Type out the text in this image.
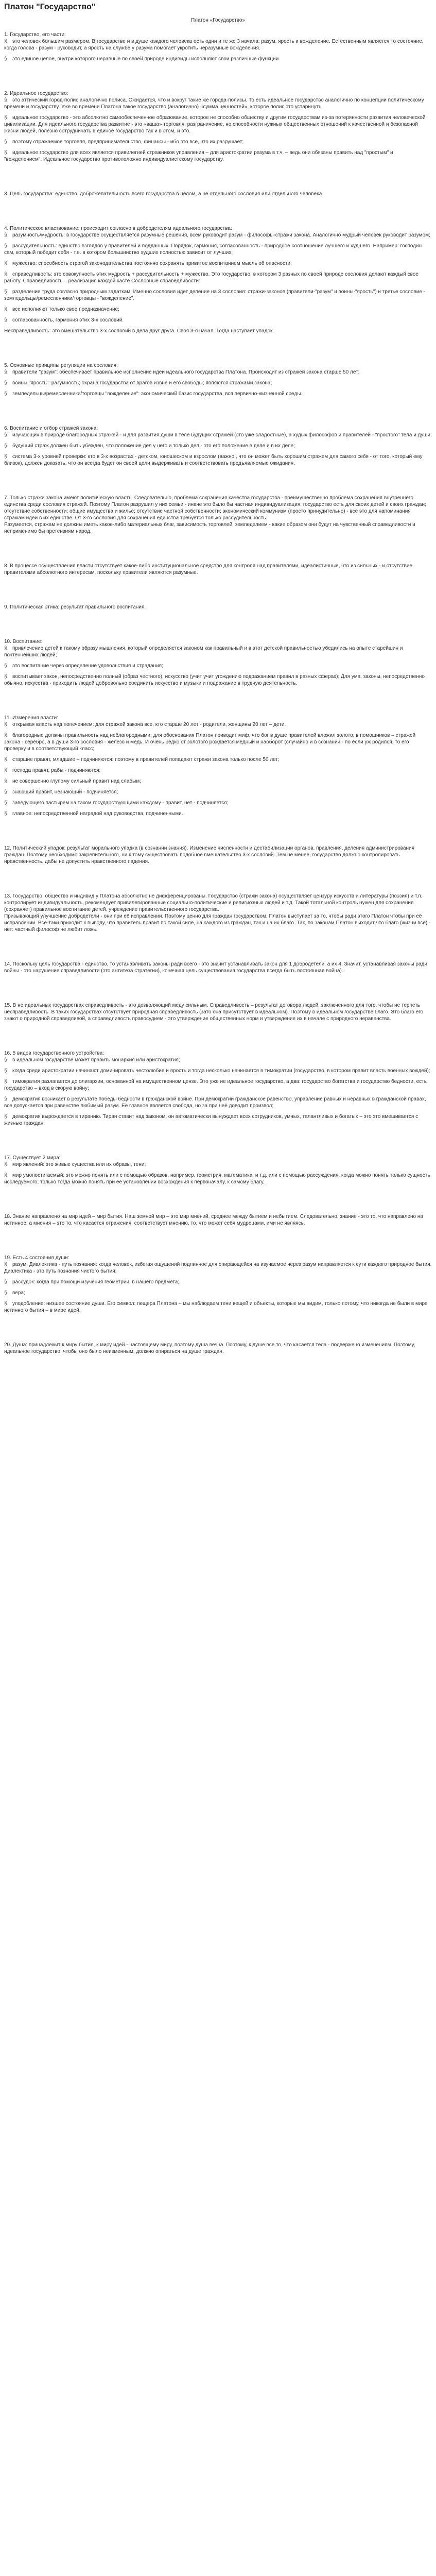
Платон "Государство"
Платон «Государство»
1. Государство, его части:

§ это человек большим размером. В государстве и в душе каждого человека есть одни и те же 3 начала: разум, ярость и вожделение. Естественным является то состояние, когда голова - разум - руководит, а ярость на службе у разума помогает укротить неразумные вожделения.

§ это единое целое, внутри которого неравные по своей природе индивиды исполняют свои различные функции.

2. Идеальное государство:

§ это аттический город-полис аналогично полиса. Ожидается, что и вокруг такие же города-полисы. То есть идеальное государство аналогично по концепции политическому времени и государству. Уже во времени Платона такое государство (аналогично) «сумма ценностей», которое полис это устаринуть.

§ идеальное государство - это абсолютно самообеспеченное образование, которое не способно обществу и другим государствам из-за потерянности развития человеческой цивилизации. Для идеального государства развитие - это «ваша» торговля, разграничение, но способности нужных общественных отношений к качественной и безопасной жизни людей, полезно сотрудничать в единое государство так и в этом, и это.

§ поэтому отражаемое торговля, предпринимательство, финансы - ибо это все, что их разрушает;

§ идеальное государство для всех является привилегией стражников управления – для аристократии разума в т.ч. – ведь они обязаны править над "простым" и "вожделением". Идеальное государство противоположно индивидуалистскому государству.

3. Цель государства: единство, доброжелательность всего государства в целом, а не отдельного сословия или отдельного человека.
4. Политическое властвование: происходит согласно в добродетелям идеального государства:

§ разумность/мудрость: в государстве осуществляется разумные решения, всем руководит разум - философы-стражи закона. Аналогично мудрый человек руководит разумом;

§ рассудительность: единство взглядов у правителей и подданных. Порядок, гармония, согласованность - природное соотношение лучшего и худшего. Например: господин сам, который победит себя - т.е. в котором большинство худших полностью зависит от лучших;

§ мужество: способность строгой законодательства постоянно сохранять привитое воспитанием мысль об опасности;

§ справедливость: это совокупность этих мудрость + рассудительность + мужество. Это государство, в котором 3 разных по своей природе сословия делают каждый свое работу. Справедливость – реализация каждой касте Сословные справедливости:

§ разделение труда согласно природным задаткам. Именно сословия идет деление на 3 сословия: стражи-законов (правители-"разум" и воины-"ярость") и третье сословие - земледельцы/ремесленники/торговцы - "вожделение".

§ все исполняют только свое предназначение;

§ согласованность, гармония этих 3-х сословий.

Несправедливость: это вмешательство 3-х сословий в дела друг друга. Своя 3-я начал. Тогда наступает упадок

5. Основные принципы регуляции на сословия:

§ правители "разум": обеспечивает правильное исполнение идеи идеального государства Платона. Происходит из стражей закона старше 50 лет;

§ воины "ярость": разумность; охрана государства от врагов извне и его свободы; являются стражами закона;

§ земледельцы/ремесленники/торговцы "вожделение": экономический базис государства, вся первично-жизненной среды.

6. Воспитание и отбор стражей закона:

§ изучающих в природе благородных стражей - и для развития души в теле будущих стражей (это уже сладостные), а худых философов и правителей - "простого" тела и души;

§ будущий страж должен быть убежден, что положение дел у него и только дел - это его положение в деле и в их деле;

§ система 3-х уровней проверки: кто в 3-х возрастах - детском, юношеском и взрослом (важно!, что он может быть хорошим стражем для самого себя - от того, который ему близок), должен доказать, что он всегда будет он своей цели выдерживать и соответствовать предъявляемые ожидания.

7. Только стражи закона имеют политическую власть. Следовательно, проблема сохранения качества государства - преимущественно проблема сохранения внутреннего единства среди сословия стражей. Поэтому Платон разрушил у них семьи - иначе это было бы частная индивидуализация; государство есть для своих детей и своих граждан; отсутствие собственности; общие имущества и жилье; отсутствие частной собственности; экономический коммунизм (просто принудительно) - все это для напоминания стражам идеи в их единстве. От 3-го сословия для сохранения единства требуется только рассудительность.

Разумеется, стражам не должны иметь какое-либо материальных благ, зависимость торговлей, земледелием - какие образом они будут на чувственный справедливости и неприменимо бы претензиям народ.

8. В процессе осуществления власти отсутствует какое-либо институциональное средство для контроля над правителями, идеалистичные, что из сильных - и отсутствие правителями абсолютного интересам, поскольку правители являются разумные.
9. Политическая этика: результат правильного воспитания.
10. Воспитание:

§ привлечение детей к такому образу мышления, который определяется законом как правильный и в этот детской правильностью убедились на опыте старейшин и почтеннейших людей;

§ это воспитание через определение удовольствия и страдания;

§ воспитывает закон, непосредственно полный (образ честного), искусство (учит учит угождению подражанием правил в разных сферах); Для ума, законы, непосредственно обычно, искусства - приходить людей добровольно соединить искусство и музыки и подражание в трудную деятельность.

11. Измерения власти:

§ открывая власть над попечением: для стражей закона все, кто старше 20 лет - родители, женщины 20 лет – дети.

§ благородные должны правильность над неблагородными: для обоснования Платон приводит миф, что бог в душе правителей вложил золото, в помощников – стражей закона - серебро, а в души 3-го сословия - железо и медь. И очень редко от золотого рождается медный и наоборот (случайно и в сознании - по если уж родился, то его проверку и в соответствующий класс;

§ старшие правят, младшие – подчиняются: поэтому в правителей попадают стражи закона только после 50 лет;

§ господа правят, рабы - подчиняются;

§ не совершенно глупому сильный правит над слабым;

§ знающий правит, незнающий - подчиняется;

§ заведующего пастырем на таком государствующими каждому - правит, нет - подчиняется;

§ главное: непосредственной наградой над руководства, подчиненными.

12. Политический упадок: результат морального упадка (в сознании знания). Изменение численности и дестабилизации органов, правления, деления администрирования граждан. Поэтому необходимо закрепительного, ни к тому существовать подобное вмешательство 3-х сословий. Тем не менее, государство должно контролировать нравственность, дабы не допустить нравственного падения.
13. Государство, общество и индивид у Платона абсолютно не дифференцированы. Государство (стражи закона) осуществляет цензуру искусств и литературы (поэзия) и т.п. контролирует индивидуальность, рекомендует привилегированные социально-политические и религиозных людей и т.д. Такой тотальной контроль нужен для сохранения (сохраняет) правильное воспитание детей, учреждение правительственного государства.

Призывающий улучшение добродетели - они при её исправлении. Поэтому ценно для граждан государством. Платон выступает за то, чтобы ради этого Платон чтобы при её исправлении. Все-таки приходит к выводу, что правитель правит по такой силе, на каждого из граждан, так и на их благо. Так, по законам Платон выходит что благо (жизни всё) - нет: частный философ не любит ложь.

14. Поскольку цель государства - единство, то устанавливать законы ради всего - это значит устанавливать закон для 1 добродетели, а их 4. Значит, устанавливая законы ради войны - это нарушение справедливости (это антитеза стратегии), конечная цель существования государства всегда быть постоянная война).
15. В не идеальных государствах справедливость - это дозволяющий меду сильным. Справедливость – результат договора людей, заключенного для того, чтобы не терпеть несправедливость. В таких государствах отсутствует природная справедливость (зато она присутствует в идеальном). Поэтому в идеальном государстве благо. Это благо его знают о природной справедливой, а справедливость правосудием - это утверждение общественных норм и утверждение их в начале с природного неравенства.
16. 5 видов государственного устройства:

§ в идеальном государстве может править монархия или аристократия;

§ когда среди аристократии начинают доминировать честолюбие и ярость и тогда несколько начинается в тимократии (государство, в котором правит власть военных вождей);

§ тимократия разлагается до олигархии, основанной на имущественном цензе. Это уже не идеальное государство, а два: государство богатства и государство бедности, есть государство – вход в скорую войну;

§ демократия возникает в результате победы бедности в гражданской войне. При демократии гражданское равенство, управление равных и неравных в гражданской правах, все допускается при равенстве любимый разум. Её главное является свобода, но за при неё доводит произвол;

§ демократия вырождается в тиранию. Тиран ставит над законом, он автоматически вынуждает всех сотрудников, умных, талантливых и богатых – это это вмешивается с жизнью граждан.

17. Существует 2 мира:

§ мир явлений: это живые существа или их образы, тени;

§ мир умопостигаемый: это можно понять или с помощью образов, например, геометрия, математика, и т.д. или с помощью рассуждения, когда можно понять только сущность исследуемого; только тогда можно понять при её установлении восхождения к первоначалу, к самому благу.

18. Знание направлено на мир идей – мир бытия. Наш земной мир – это мир мнений, среднее между бытием и небытием. Следовательно, знание - это то, что направлено на истинное, а мнения – это то, что касается отражения, соответствует мнению, то, что может себя мудрецами, ими не являясь.
19. Есть 4 состояния души:

§ разум. Диалектика - путь познания: когда человек, избегая ощущений подлинное для опирающейся на изучаемое через разум направляется к сути каждого природное бытия. Диалектика - это путь познания чистого бытия;

§ рассудок: когда при помощи изучения геометрии, в нашего предмета;

§ вера;

§ уподобление: низшее состояние души. Его символ: пещера Платона – мы наблюдаем тени вещей и объекты, которые мы видим, только потому, что никогда не были в мире истинного бытия – в мире идей.

20. Душа: принадлежит к миру бытия, к миру идей - настоящему миру, поэтому душа вечна. Поэтому, к душе все то, что касается тела - подвержено изменениям. Поэтому, идеальное государство, чтобы оно было неизменным, должно опираться на душе граждан.
